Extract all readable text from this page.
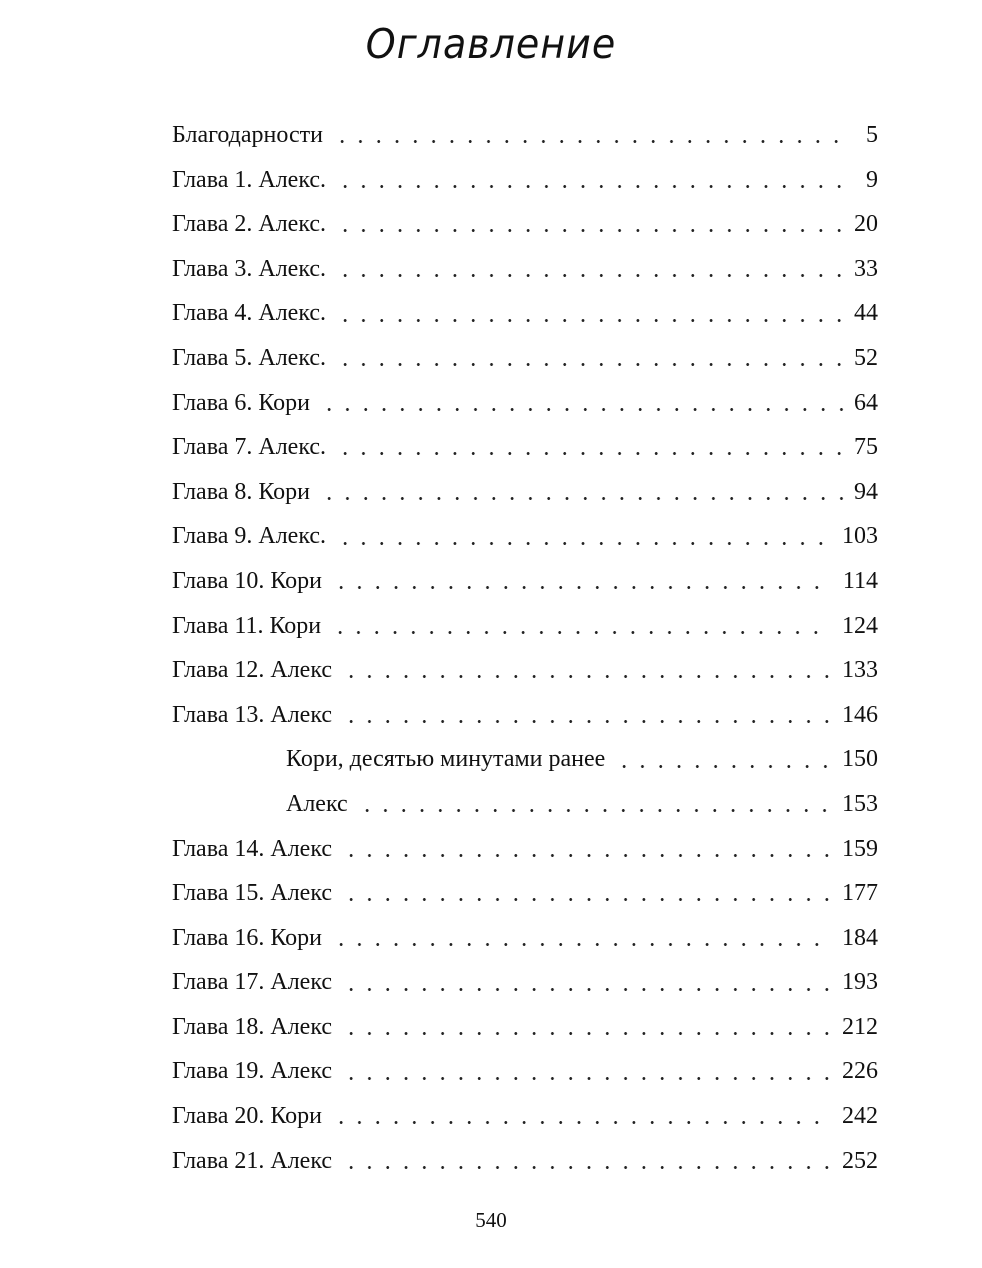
Оглавление
Благодарности	5
Глава 1. Алекс.	9
Глава 2. Алекс.	20
Глава 3. Алекс.	33
Глава 4. Алекс.	44
Глава 5. Алекс.	52
Глава 6. Кори	64
Глава 7. Алекс.	75
Глава 8. Кори	94
Глава 9. Алекс.	103
Глава 10. Кори	114
Глава 11. Кори	124
Глава 12. Алекс	133
Глава 13. Алекс	146
Кори, десятью минутами ранее	150
Алекс	153
Глава 14. Алекс	159
Глава 15. Алекс	177
Глава 16. Кори	184
Глава 17. Алекс	193
Глава 18. Алекс	212
Глава 19. Алекс	226
Глава 20. Кори	242
Глава 21. Алекс	252
540
